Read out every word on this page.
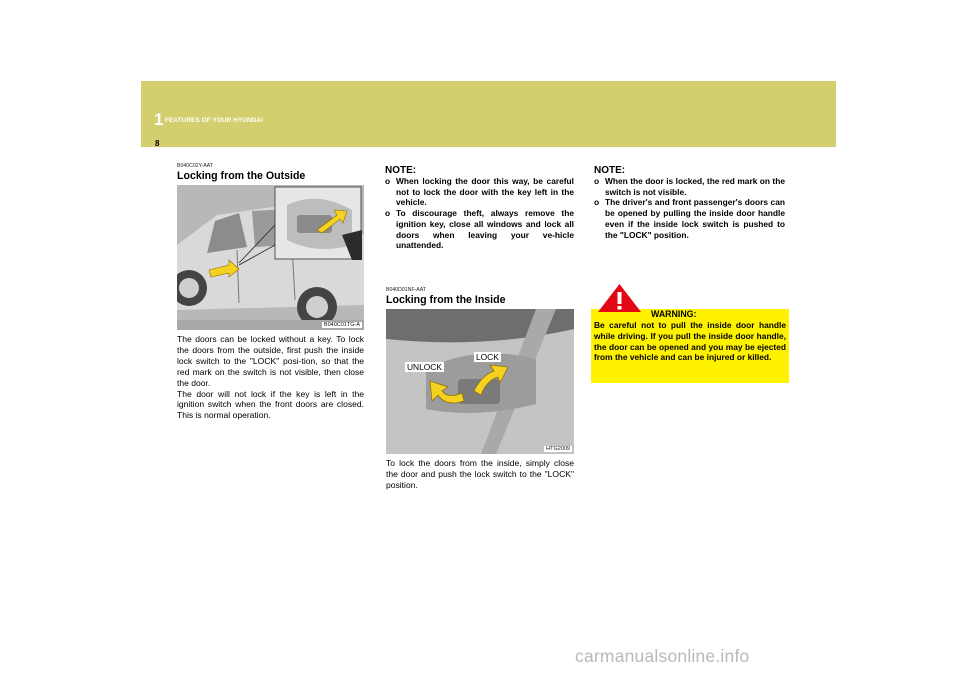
1 FEATURES OF YOUR HYUNDAI
8
B040C02Y-AAT
Locking from the Outside
B040C01TG-A

The doors can be locked without a key. To lock the doors from the outside, first push the inside lock switch to the "LOCK" posi-tion, so that the red mark on the switch is not visible, then close the door.

The door will not lock if the key is left in the ignition switch when the front doors are closed. This is normal operation.

NOTE:
o When locking the door this way, be careful not to lock the door with the key left in the vehicle.
o To discourage theft, always remove the ignition key, close all windows and lock all doors when leaving your ve-hicle unattended.
B040D01NF-AAT
Locking from the Inside
HTG2009
LOCK
UNLOCK

To lock the doors from the inside, simply close the door and push the lock switch to the "LOCK" position.

NOTE:
o When the door is locked, the red mark on the switch is not visible.
o The driver's and front passenger's doors can be opened by pulling the inside door handle even if the inside lock switch is pushed to the "LOCK" position.
WARNING:

Be careful not to pull the inside door handle while driving. If you pull the inside door handle, the door can be opened and you may be ejected from the vehicle and can be injured or killed.

carmanualsonline.info
